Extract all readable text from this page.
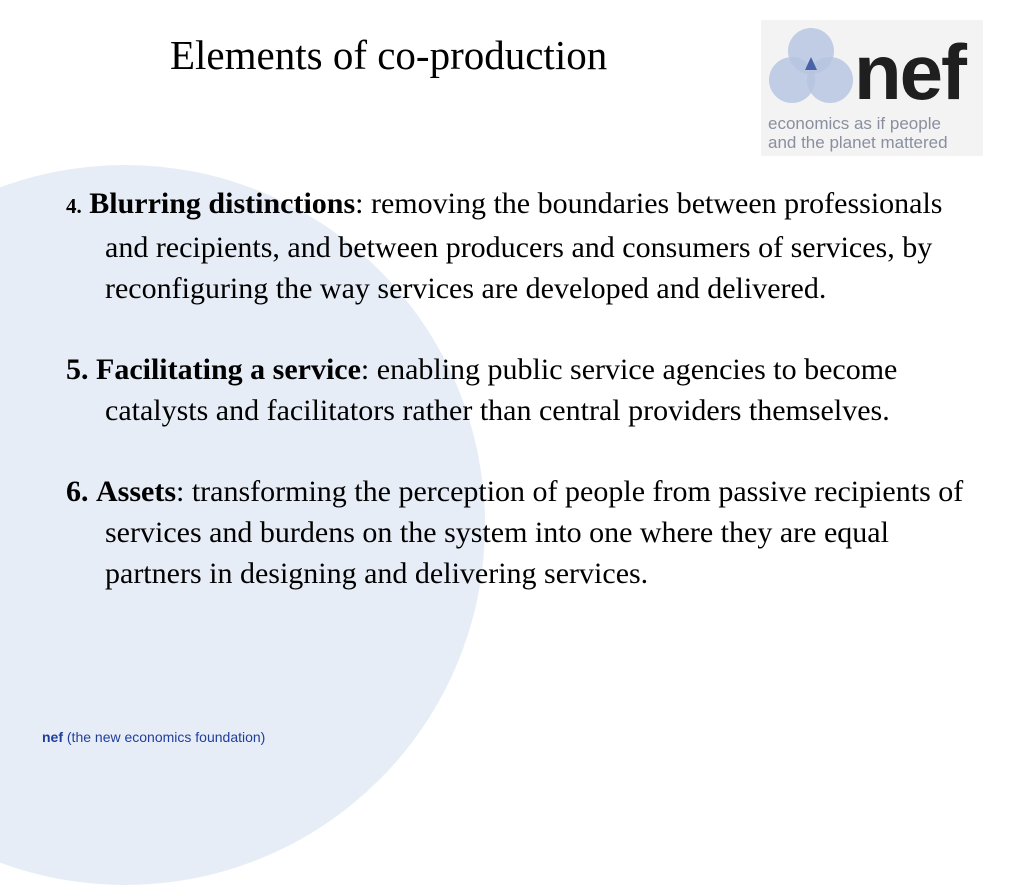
Elements of co-production	nef
economics as if people
and the planet mattered

4. Blurring distinctions: removing the boundaries between professionals and recipients, and between producers and consumers of services, by reconfiguring the way services are developed and delivered.

5. Facilitating a service: enabling public service agencies to become catalysts and facilitators rather than central providers themselves.

6. Assets: transforming the perception of people from passive recipients of services and burdens on the system into one where they are equal partners in designing and delivering services.

nef (the new economics foundation)
